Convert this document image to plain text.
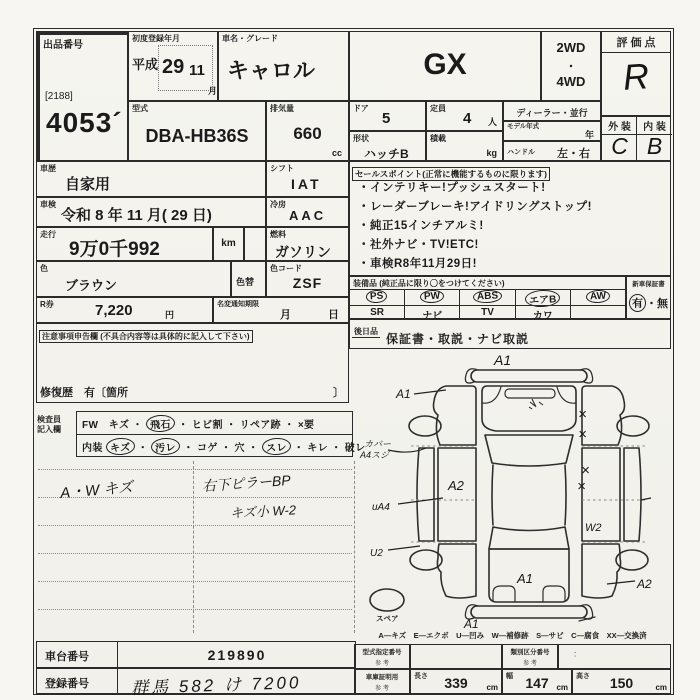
出品番号
[2188]
4053´
初度登録年月
平成 29 11
月
車名・グレード
キャロル	GX
2WD
・
4WD
評 価 点
R
外 装	内 装
C B
型式
DBA-HB36S
排気量
660
cc
ドア
5
形状
ハッチB
定員
4 人
積載
kg
ディーラー・並行
モデル年式
年
ハンドル 左・右
車歴
自家用
シフト
IAT
車検
令和 8 年 11 月( 29 日)
冷房
AAC
走行
9万0千992	km
燃料
ガソリン
色
ブラウン	色替
色コード
ZSF
R券	7,220	円
名変通知期限
月	日
注意事項申告欄 (不具合内容等は具体的に記入して下さい)
修復歴　有〔箇所	〕
検査員
記入欄	FW　キズ ・ 飛石 ・ ヒビ割 ・ リペア跡 ・ ×要
内装 キズ ・ 汚レ ・ コゲ ・ 穴 ・ スレ ・ キレ ・ 破レ
A・W キズ	右下ピラーBP
キズ小 W-2
車台番号	219890
登録番号 群馬 582 け 7200
セールスポイント(正常に機能するものに限ります)
・インテリキー!プッシュスタート!
・レーダーブレーキ!アイドリングストップ!
・純正15インチアルミ!
・社外ナビ・TV!ETC!
・車検R8年11月29日!
装備品 (純正品に限り〇をつけてください)
PS	PW	ABS	エアB	AW
SR	ナビ	TV	カワ
新車保証書
有 ・無
後日品
保証書・取説・ナビ取説
A1
A1
カバー
A4スジ
A2
uA4
U2
A1
A1
A2
W2
×
×
×
×
スペア
A―キズ　E―エクボ　U―凹み　W―補修跡　S―サビ　C―腐食　XX―交換済
型式指定番号
参 考
類別区分番号
参 考
：
車庫証明用
参 考
長さ	339	cm
幅 147 cm
高さ	150	cm
